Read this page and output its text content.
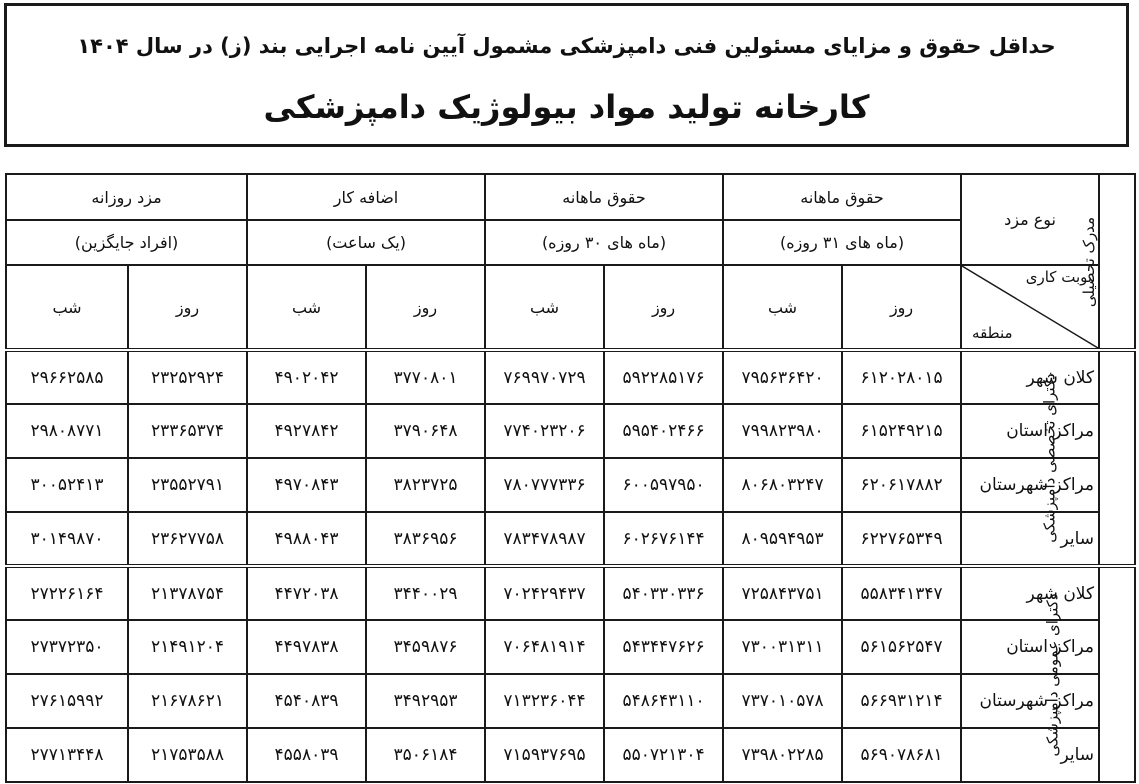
حداقل حقوق و مزایای مسئولین فنی دامپزشکی مشمول آیین نامه اجرایی بند (ز) در سال ۱۴۰۴
کارخانه تولید مواد بیولوژیک دامپزشکی
مدرک تحصیلی	نوع مزد	حقوق ماهانه		حقوق ماهانه		اضافه کار		مزد روزانه	
		(ماه های ۳۱ روزه)		(ماه های ۳۰ روزه)		(یک ساعت)		(افراد جایگزین)	

	نوبت کاری
منطقه	روز	شب	روز	شب	روز	شب	روز	شب
دکترای تخصصی دامپزشکی	کلان شهر	۶۱۲۰۲۸۰۱۵	۷۹۵۶۳۶۴۲۰	۵۹۲۲۸۵۱۷۶	۷۶۹۹۷۰۷۲۹	۳۷۷۰۸۰۱	۴۹۰۲۰۴۲	۲۳۲۵۲۹۲۴	۲۹۶۶۲۵۸۵
	مراکز استان	۶۱۵۲۴۹۲۱۵	۷۹۹۸۲۳۹۸۰	۵۹۵۴۰۲۴۶۶	۷۷۴۰۲۳۲۰۶	۳۷۹۰۶۴۸	۴۹۲۷۸۴۲	۲۳۳۶۵۳۷۴	۲۹۸۰۸۷۷۱
	مراکز شهرستان	۶۲۰۶۱۷۸۸۲	۸۰۶۸۰۳۲۴۷	۶۰۰۵۹۷۹۵۰	۷۸۰۷۷۷۳۳۶	۳۸۲۳۷۲۵	۴۹۷۰۸۴۳	۲۳۵۵۲۷۹۱	۳۰۰۵۲۴۱۳
	سایر	۶۲۲۷۶۵۳۴۹	۸۰۹۵۹۴۹۵۳	۶۰۲۶۷۶۱۴۴	۷۸۳۴۷۸۹۸۷	۳۸۳۶۹۵۶	۴۹۸۸۰۴۳	۲۳۶۲۷۷۵۸	۳۰۱۴۹۸۷۰
دکترای عمومی دامپزشکی	کلان شهر	۵۵۸۳۴۱۳۴۷	۷۲۵۸۴۳۷۵۱	۵۴۰۳۳۰۳۳۶	۷۰۲۴۲۹۴۳۷	۳۴۴۰۰۲۹	۴۴۷۲۰۳۸	۲۱۳۷۸۷۵۴	۲۷۲۲۶۱۶۴
	مراکز استان	۵۶۱۵۶۲۵۴۷	۷۳۰۰۳۱۳۱۱	۵۴۳۴۴۷۶۲۶	۷۰۶۴۸۱۹۱۴	۳۴۵۹۸۷۶	۴۴۹۷۸۳۸	۲۱۴۹۱۲۰۴	۲۷۳۷۲۳۵۰
	مراکز شهرستان	۵۶۶۹۳۱۲۱۴	۷۳۷۰۱۰۵۷۸	۵۴۸۶۴۳۱۱۰	۷۱۳۲۳۶۰۴۴	۳۴۹۲۹۵۳	۴۵۴۰۸۳۹	۲۱۶۷۸۶۲۱	۲۷۶۱۵۹۹۲
	سایر	۵۶۹۰۷۸۶۸۱	۷۳۹۸۰۲۲۸۵	۵۵۰۷۲۱۳۰۴	۷۱۵۹۳۷۶۹۵	۳۵۰۶۱۸۴	۴۵۵۸۰۳۹	۲۱۷۵۳۵۸۸	۲۷۷۱۳۴۴۸
